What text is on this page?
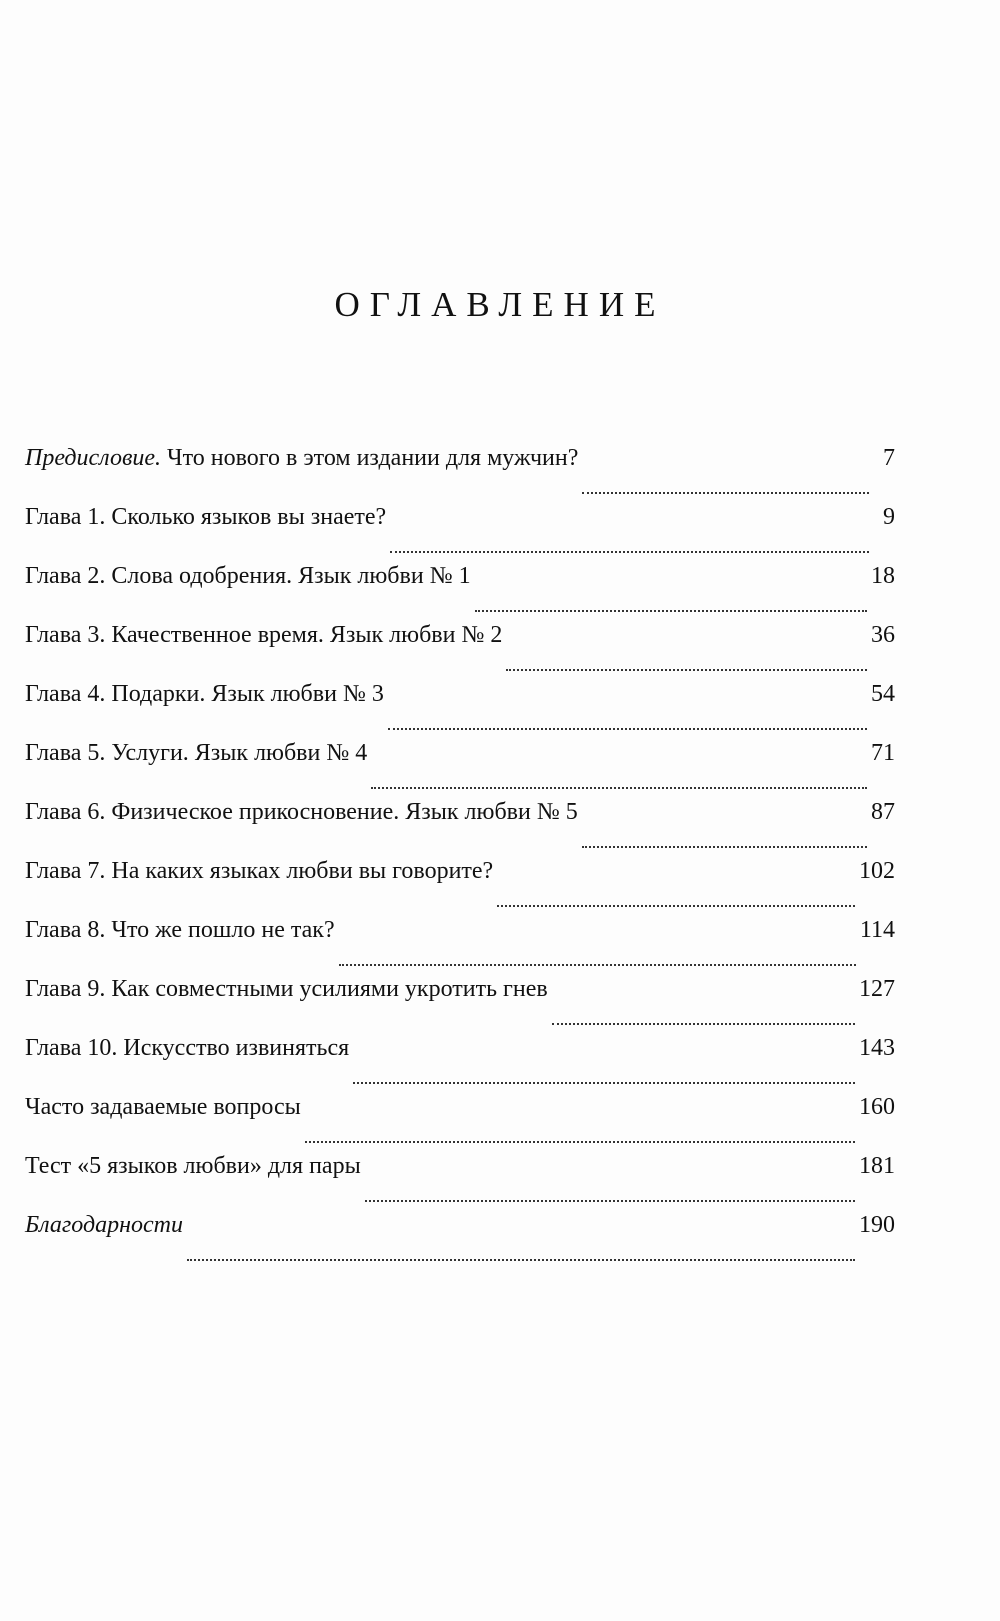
ОГЛАВЛЕНИЕ
Предисловие. Что нового в этом издании для мужчин?	7
Глава 1. Сколько языков вы знаете?	9
Глава 2. Слова одобрения. Язык любви № 1	18
Глава 3. Качественное время. Язык любви № 2	36
Глава 4. Подарки. Язык любви № 3	54
Глава 5. Услуги. Язык любви № 4	71
Глава 6. Физическое прикосновение. Язык любви № 5	87
Глава 7. На каких языках любви вы говорите?	102
Глава 8. Что же пошло не так?	114
Глава 9. Как совместными усилиями укротить гнев	127
Глава 10. Искусство извиняться	143
Часто задаваемые вопросы	160
Тест «5 языков любви» для пары	181
Благодарности	190
